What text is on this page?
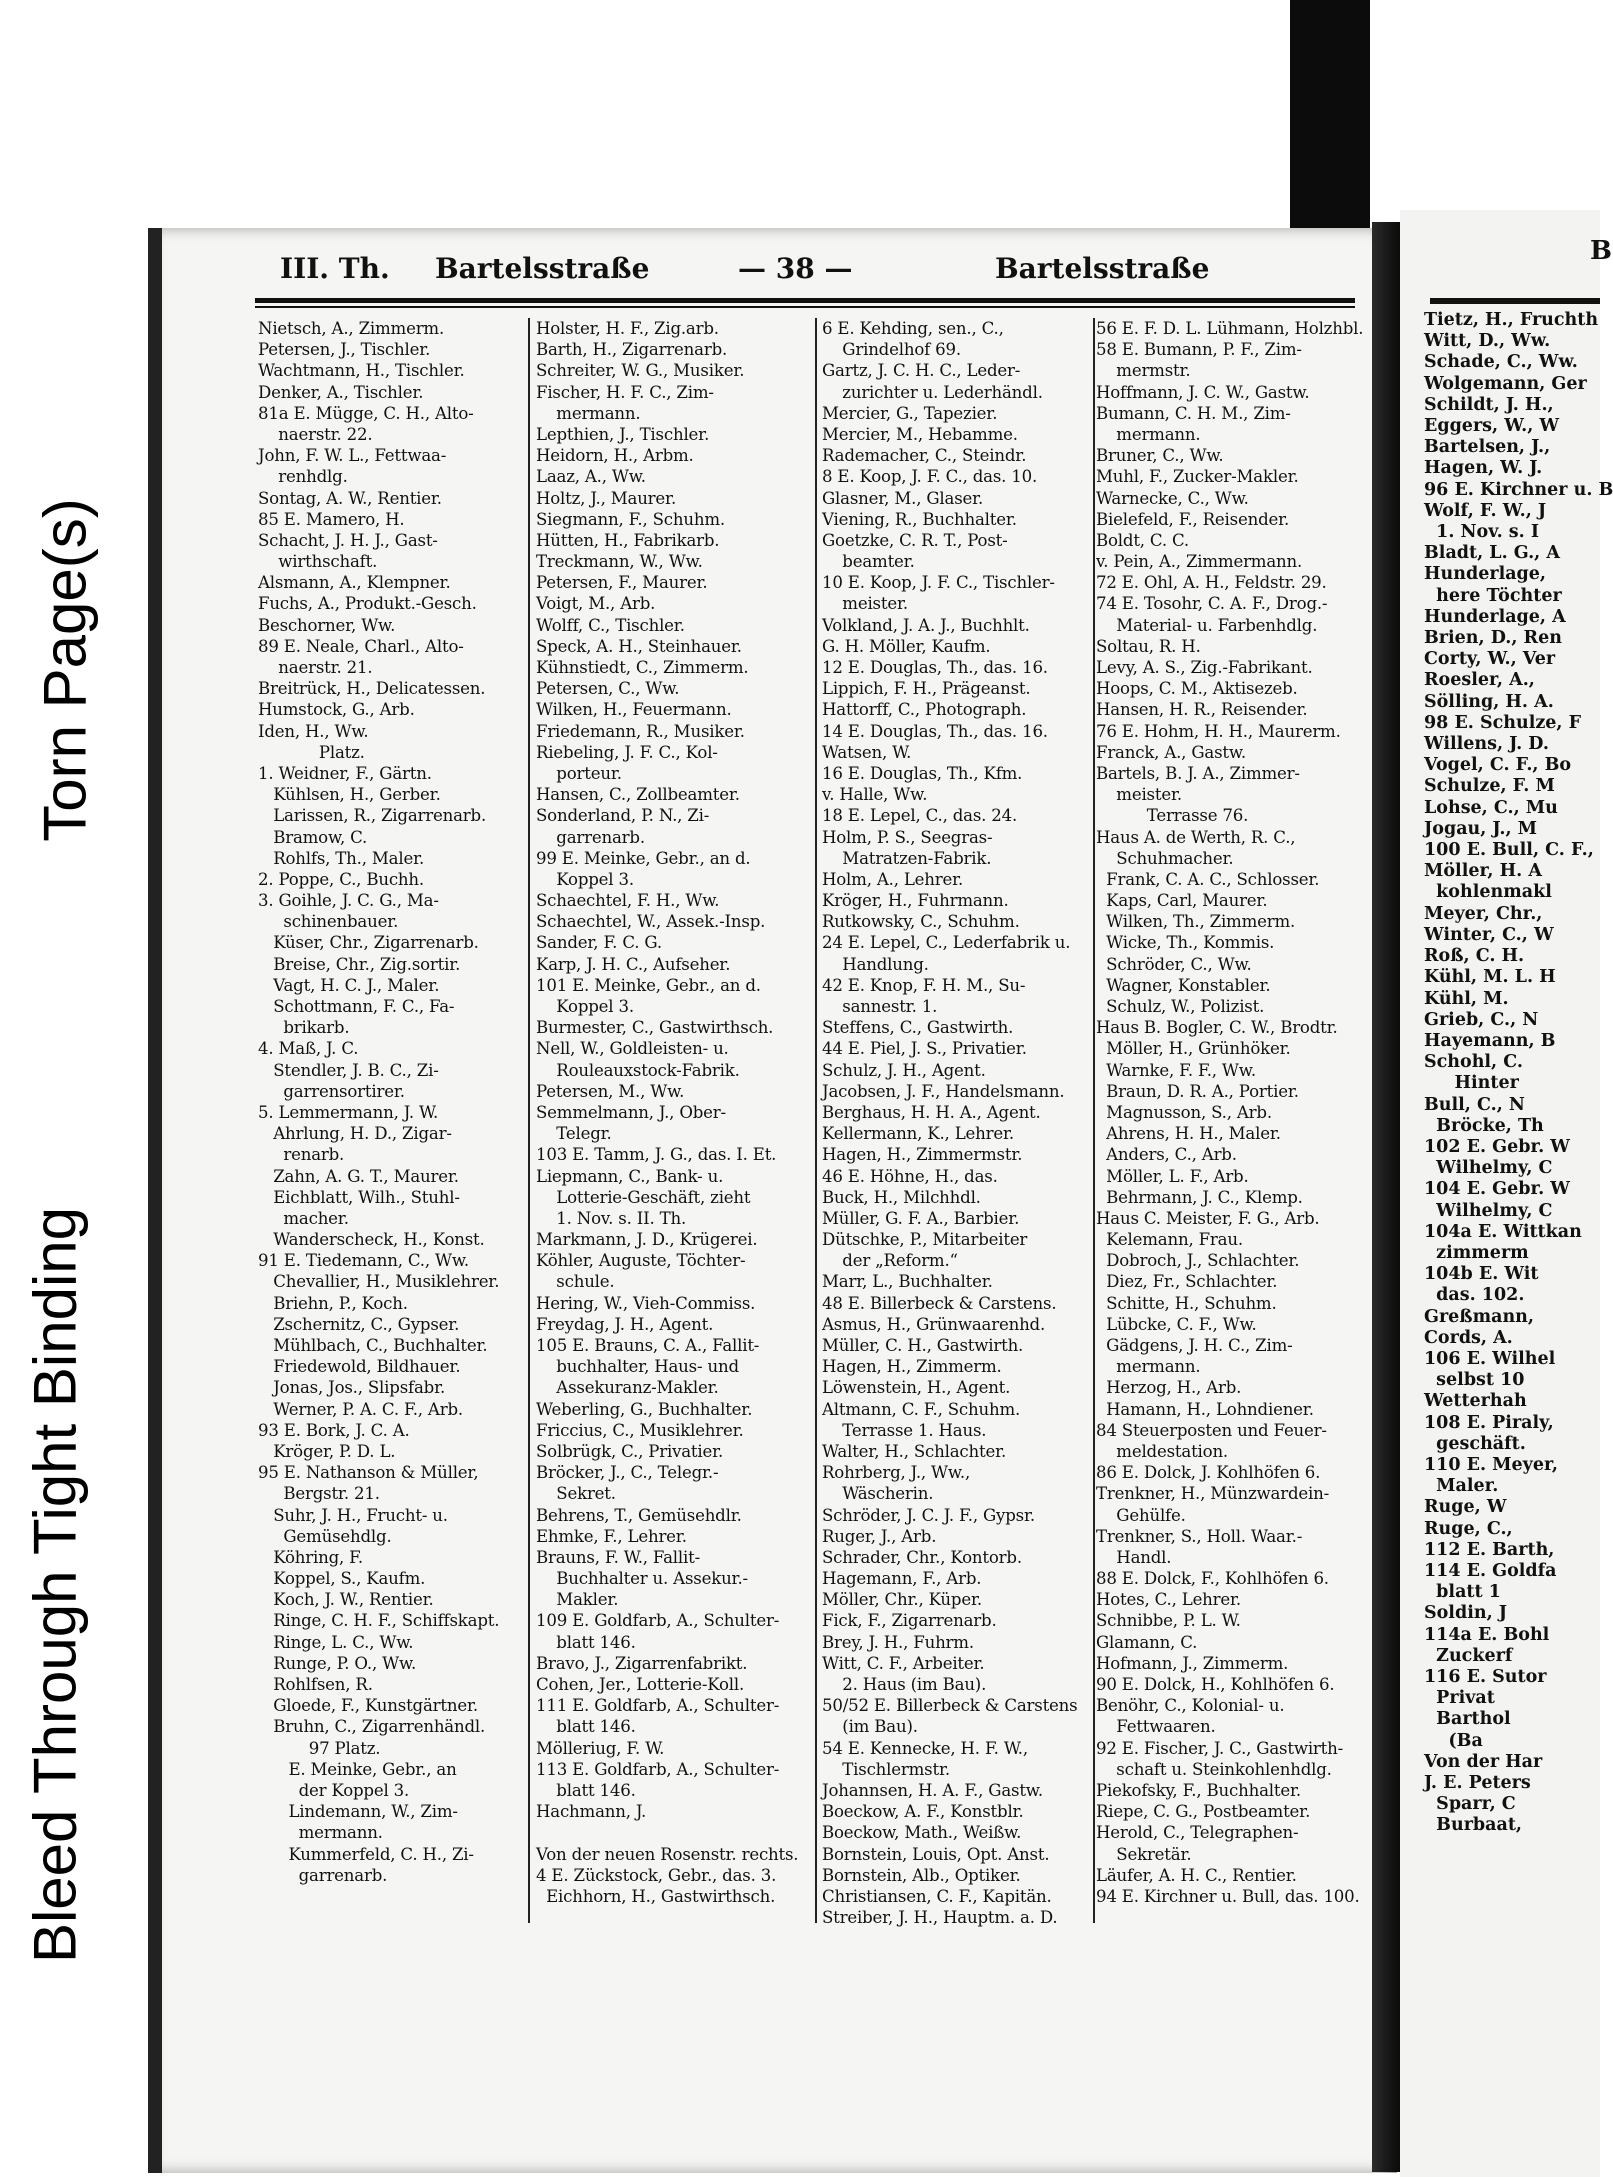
B
Tietz, H., Fruchth
Witt, D., Ww.
Schade, C., Ww.
Wolgemann, Ger
Schildt, J. H.,
Eggers, W., W
Bartelsen, J.,
Hagen, W. J.
96 E. Kirchner u. B
Wolf, F. W., J
1. Nov. s. I
Bladt, L. G., A
Hunderlage,
here Töchter
Hunderlage, A
Brien, D., Ren
Corty, W., Ver
Roesler, A.,
Sölling, H. A.
98 E. Schulze, F
Willens, J. D.
Vogel, C. F., Bo
Schulze, F. M
Lohse, C., Mu
Jogau, J., M
100 E. Bull, C. F.,
Möller, H. A
kohlenmakl
Meyer, Chr.,
Winter, C., W
Roß, C. H.
Kühl, M. L. H
Kühl, M.
Grieb, C., N
Hayemann, B
Schohl, C.
Hinter
Bull, C., N
Bröcke, Th
102 E. Gebr. W
Wilhelmy, C
104 E. Gebr. W
Wilhelmy, C
104a E. Wittkan
zimmerm
104b E. Wit
das. 102.
Greßmann,
Cords, A.
106 E. Wilhel
selbst 10
Wetterhah
108 E. Piraly,
geschäft.
110 E. Meyer,
Maler.
Ruge, W
Ruge, C.,
112 E. Barth,
114 E. Goldfa
blatt 1
Soldin, J
114a E. Bohl
Zuckerf
116 E. Sutor
Privat
Barthol
(Ba
Von der Har
J. E. Peters
Sparr, C
Burbaat,
Torn Page(s)
Bleed Through Tight Binding
III. Th. Bartelsstraße	— 38 —	Bartelsstraße
Nietsch, A., Zimmerm.
Petersen, J., Tischler.
Wachtmann, H., Tischler.
Denker, A., Tischler.
81a E. Mügge, C. H., Alto-
naerstr. 22.
John, F. W. L., Fettwaa-
renhdlg.
Sontag, A. W., Rentier.
85 E. Mamero, H.
Schacht, J. H. J., Gast-
wirthschaft.
Alsmann, A., Klempner.
Fuchs, A., Produkt.-Gesch.
Beschorner, Ww.
89 E. Neale, Charl., Alto-
naerstr. 21.
Breitrück, H., Delicatessen.
Humstock, G., Arb.
Iden, H., Ww.
Platz.
1. Weidner, F., Gärtn.
Kühlsen, H., Gerber.
Larissen, R., Zigarrenarb.
Bramow, C.
Rohlfs, Th., Maler.
2. Poppe, C., Buchh.
3. Goihle, J. C. G., Ma-
schinenbauer.
Küser, Chr., Zigarrenarb.
Breise, Chr., Zig.sortir.
Vagt, H. C. J., Maler.
Schottmann, F. C., Fa-
brikarb.
4. Maß, J. C.
Stendler, J. B. C., Zi-
garrensortirer.
5. Lemmermann, J. W.
Ahrlung, H. D., Zigar-
renarb.
Zahn, A. G. T., Maurer.
Eichblatt, Wilh., Stuhl-
macher.
Wanderscheck, H., Konst.
91 E. Tiedemann, C., Ww.
Chevallier, H., Musiklehrer.
Briehn, P., Koch.
Zschernitz, C., Gypser.
Mühlbach, C., Buchhalter.
Friedewold, Bildhauer.
Jonas, Jos., Slipsfabr.
Werner, P. A. C. F., Arb.
93 E. Bork, J. C. A.
Kröger, P. D. L.
95 E. Nathanson & Müller,
Bergstr. 21.
Suhr, J. H., Frucht- u.
Gemüsehdlg.
Köhring, F.
Koppel, S., Kaufm.
Koch, J. W., Rentier.
Ringe, C. H. F., Schiffskapt.
Ringe, L. C., Ww.
Runge, P. O., Ww.
Rohlfsen, R.
Gloede, F., Kunstgärtner.
Bruhn, C., Zigarrenhändl.
97 Platz.
E. Meinke, Gebr., an
der Koppel 3.
Lindemann, W., Zim-
mermann.
Kummerfeld, C. H., Zi-
garrenarb.
Holster, H. F., Zig.arb.
Barth, H., Zigarrenarb.
Schreiter, W. G., Musiker.
Fischer, H. F. C., Zim-
mermann.
Lepthien, J., Tischler.
Heidorn, H., Arbm.
Laaz, A., Ww.
Holtz, J., Maurer.
Siegmann, F., Schuhm.
Hütten, H., Fabrikarb.
Treckmann, W., Ww.
Petersen, F., Maurer.
Voigt, M., Arb.
Wolff, C., Tischler.
Speck, A. H., Steinhauer.
Kühnstiedt, C., Zimmerm.
Petersen, C., Ww.
Wilken, H., Feuermann.
Friedemann, R., Musiker.
Riebeling, J. F. C., Kol-
porteur.
Hansen, C., Zollbeamter.
Sonderland, P. N., Zi-
garrenarb.
99 E. Meinke, Gebr., an d.
Koppel 3.
Schaechtel, F. H., Ww.
Schaechtel, W., Assek.-Insp.
Sander, F. C. G.
Karp, J. H. C., Aufseher.
101 E. Meinke, Gebr., an d.
Koppel 3.
Burmester, C., Gastwirthsch.
Nell, W., Goldleisten- u.
Rouleauxstock-Fabrik.
Petersen, M., Ww.
Semmelmann, J., Ober-
Telegr.
103 E. Tamm, J. G., das. I. Et.
Liepmann, C., Bank- u.
Lotterie-Geschäft, zieht
1. Nov. s. II. Th.
Markmann, J. D., Krügerei.
Köhler, Auguste, Töchter-
schule.
Hering, W., Vieh-Commiss.
Freydag, J. H., Agent.
105 E. Brauns, C. A., Fallit-
buchhalter, Haus- und
Assekuranz-Makler.
Weberling, G., Buchhalter.
Friccius, C., Musiklehrer.
Solbrügk, C., Privatier.
Bröcker, J., C., Telegr.-
Sekret.
Behrens, T., Gemüsehdlr.
Ehmke, F., Lehrer.
Brauns, F. W., Fallit-
Buchhalter u. Assekur.-
Makler.
109 E. Goldfarb, A., Schulter-
blatt 146.
Bravo, J., Zigarrenfabrikt.
Cohen, Jer., Lotterie-Koll.
111 E. Goldfarb, A., Schulter-
blatt 146.
Mölleriug, F. W.
113 E. Goldfarb, A., Schulter-
blatt 146.
Hachmann, J.
Von der neuen Rosenstr. rechts.
4 E. Zückstock, Gebr., das. 3.
Eichhorn, H., Gastwirthsch.
6 E. Kehding, sen., C.,
Grindelhof 69.
Gartz, J. C. H. C., Leder-
zurichter u. Lederhändl.
Mercier, G., Tapezier.
Mercier, M., Hebamme.
Rademacher, C., Steindr.
8 E. Koop, J. F. C., das. 10.
Glasner, M., Glaser.
Viening, R., Buchhalter.
Goetzke, C. R. T., Post-
beamter.
10 E. Koop, J. F. C., Tischler-
meister.
Volkland, J. A. J., Buchhlt.
G. H. Möller, Kaufm.
12 E. Douglas, Th., das. 16.
Lippich, F. H., Prägeanst.
Hattorff, C., Photograph.
14 E. Douglas, Th., das. 16.
Watsen, W.
16 E. Douglas, Th., Kfm.
v. Halle, Ww.
18 E. Lepel, C., das. 24.
Holm, P. S., Seegras-
Matratzen-Fabrik.
Holm, A., Lehrer.
Kröger, H., Fuhrmann.
Rutkowsky, C., Schuhm.
24 E. Lepel, C., Lederfabrik u.
Handlung.
42 E. Knop, F. H. M., Su-
sannestr. 1.
Steffens, C., Gastwirth.
44 E. Piel, J. S., Privatier.
Schulz, J. H., Agent.
Jacobsen, J. F., Handelsmann.
Berghaus, H. H. A., Agent.
Kellermann, K., Lehrer.
Hagen, H., Zimmermstr.
46 E. Höhne, H., das.
Buck, H., Milchhdl.
Müller, G. F. A., Barbier.
Dütschke, P., Mitarbeiter
der „Reform.“
Marr, L., Buchhalter.
48 E. Billerbeck & Carstens.
Asmus, H., Grünwaarenhd.
Müller, C. H., Gastwirth.
Hagen, H., Zimmerm.
Löwenstein, H., Agent.
Altmann, C. F., Schuhm.
Terrasse 1. Haus.
Walter, H., Schlachter.
Rohrberg, J., Ww.,
Wäscherin.
Schröder, J. C. J. F., Gypsr.
Ruger, J., Arb.
Schrader, Chr., Kontorb.
Hagemann, F., Arb.
Möller, Chr., Küper.
Fick, F., Zigarrenarb.
Brey, J. H., Fuhrm.
Witt, C. F., Arbeiter.
2. Haus (im Bau).
50/52 E. Billerbeck & Carstens
(im Bau).
54 E. Kennecke, H. F. W.,
Tischlermstr.
Johannsen, H. A. F., Gastw.
Boeckow, A. F., Konstblr.
Boeckow, Math., Weißw.
Bornstein, Louis, Opt. Anst.
Bornstein, Alb., Optiker.
Christiansen, C. F., Kapitän.
Streiber, J. H., Hauptm. a. D.
56 E. F. D. L. Lühmann, Holzhbl.
58 E. Bumann, P. F., Zim-
mermstr.
Hoffmann, J. C. W., Gastw.
Bumann, C. H. M., Zim-
mermann.
Bruner, C., Ww.
Muhl, F., Zucker-Makler.
Warnecke, C., Ww.
Bielefeld, F., Reisender.
Boldt, C. C.
v. Pein, A., Zimmermann.
72 E. Ohl, A. H., Feldstr. 29.
74 E. Tosohr, C. A. F., Drog.-
Material- u. Farbenhdlg.
Soltau, R. H.
Levy, A. S., Zig.-Fabrikant.
Hoops, C. M., Aktisezeb.
Hansen, H. R., Reisender.
76 E. Hohm, H. H., Maurerm.
Franck, A., Gastw.
Bartels, B. J. A., Zimmer-
meister.
Terrasse 76.
Haus A. de Werth, R. C.,
Schuhmacher.
Frank, C. A. C., Schlosser.
Kaps, Carl, Maurer.
Wilken, Th., Zimmerm.
Wicke, Th., Kommis.
Schröder, C., Ww.
Wagner, Konstabler.
Schulz, W., Polizist.
Haus B. Bogler, C. W., Brodtr.
Möller, H., Grünhöker.
Warnke, F. F., Ww.
Braun, D. R. A., Portier.
Magnusson, S., Arb.
Ahrens, H. H., Maler.
Anders, C., Arb.
Möller, L. F., Arb.
Behrmann, J. C., Klemp.
Haus C. Meister, F. G., Arb.
Kelemann, Frau.
Dobroch, J., Schlachter.
Diez, Fr., Schlachter.
Schitte, H., Schuhm.
Lübcke, C. F., Ww.
Gädgens, J. H. C., Zim-
mermann.
Herzog, H., Arb.
Hamann, H., Lohndiener.
84 Steuerposten und Feuer-
meldestation.
86 E. Dolck, J. Kohlhöfen 6.
Trenkner, H., Münzwardein-
Gehülfe.
Trenkner, S., Holl. Waar.-
Handl.
88 E. Dolck, F., Kohlhöfen 6.
Hotes, C., Lehrer.
Schnibbe, P. L. W.
Glamann, C.
Hofmann, J., Zimmerm.
90 E. Dolck, H., Kohlhöfen 6.
Benöhr, C., Kolonial- u.
Fettwaaren.
92 E. Fischer, J. C., Gastwirth-
schaft u. Steinkohlenhdlg.
Piekofsky, F., Buchhalter.
Riepe, C. G., Postbeamter.
Herold, C., Telegraphen-
Sekretär.
Läufer, A. H. C., Rentier.
94 E. Kirchner u. Bull, das. 100.
